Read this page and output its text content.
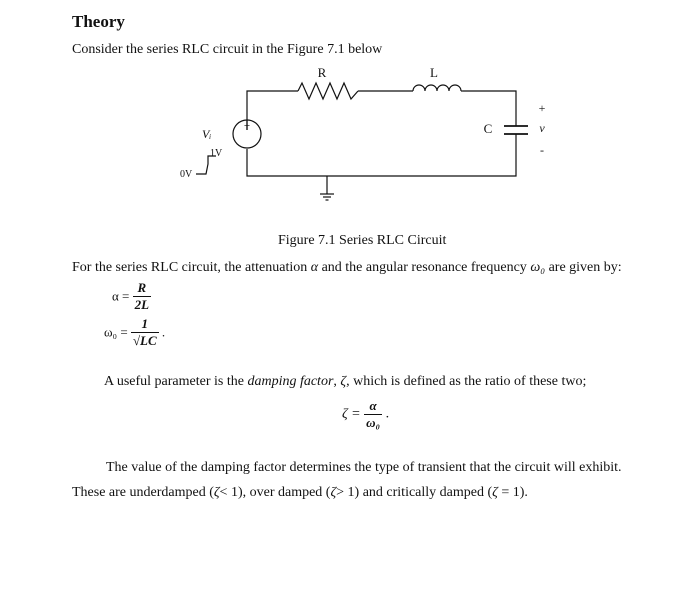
Theory
Consider the series RLC circuit in the Figure 7.1 below
R	L
C
Vᵢ
+
v
-
+
1V
0V
Figure 7.1 Series RLC Circuit
For the series RLC circuit, the attenuation α and the angular resonance frequency ω₀ are given by:
$\alpha = \frac{R}{2L}$
$\omega_0 = \frac{1}{√LC}$ .
A useful parameter is the damping factor, ζ, which is defined as the ratio of these two;
$\zeta = \frac{\alpha}{\text{ω₀}}$ .
The value of the damping factor determines the type of transient that the circuit will exhibit.
These are underdamped (ζ< 1), over damped (ζ> 1) and critically damped (ζ = 1).
